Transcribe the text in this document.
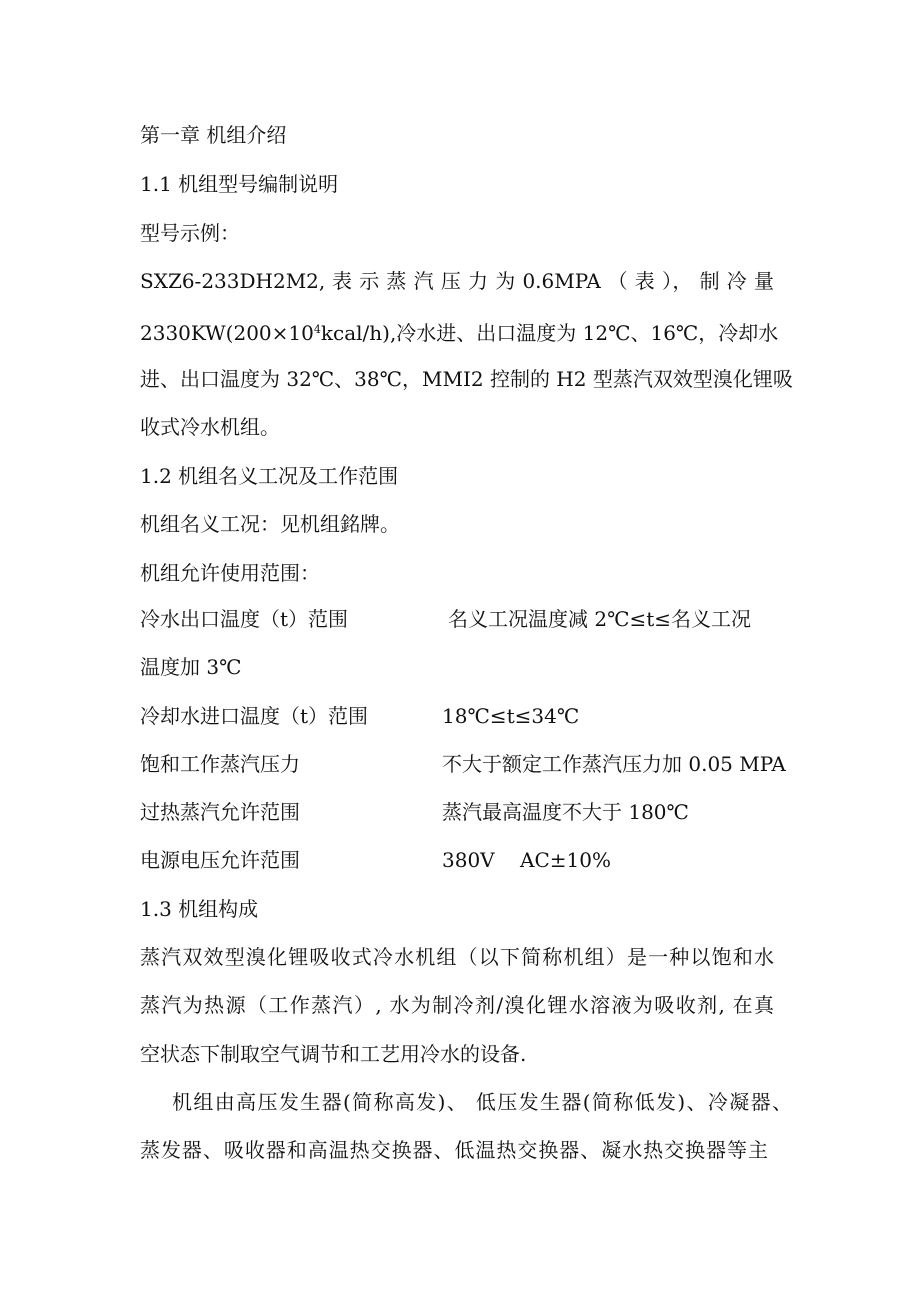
第一章 机组介绍
1.1 机组型号编制说明
型号示例：
SXZ6-233DH2M2, 表 示 蒸 汽 压 力 为 0.6MPA （ 表 ）， 制 冷 量
$2330KW(200\times 10^4kcal/h)$,冷水进、出口温度为 12℃、16℃，冷却水
进、出口温度为 32℃、38℃，MMI2 控制的 H2 型蒸汽双效型溴化锂吸
收式冷水机组。
1.2 机组名义工况及工作范围
机组名义工况：见机组銘牌。
机组允许使用范围：
冷水出口温度（t）范围	名义工况温度减 2℃≤t≤名义工况
温度加 3℃
冷却水进口温度（t）范围	18℃≤t≤34℃
饱和工作蒸汽压力	不大于额定工作蒸汽压力加 0.05 MPA
过热蒸汽允许范围	蒸汽最高温度不大于 180℃
电源电压允许范围	380V    AC±10%
1.3 机组构成
蒸汽双效型溴化锂吸收式冷水机组（以下简称机组）是一种以饱和水
蒸汽为热源（工作蒸汽）, 水为制冷剂/溴化锂水溶液为吸收剂, 在真
空状态下制取空气调节和工艺用冷水的设备.
机组由高压发生器(简称高发)、 低压发生器(简称低发)、冷凝器、
蒸发器、吸收器和高温热交换器、低温热交换器、凝水热交换器等主
